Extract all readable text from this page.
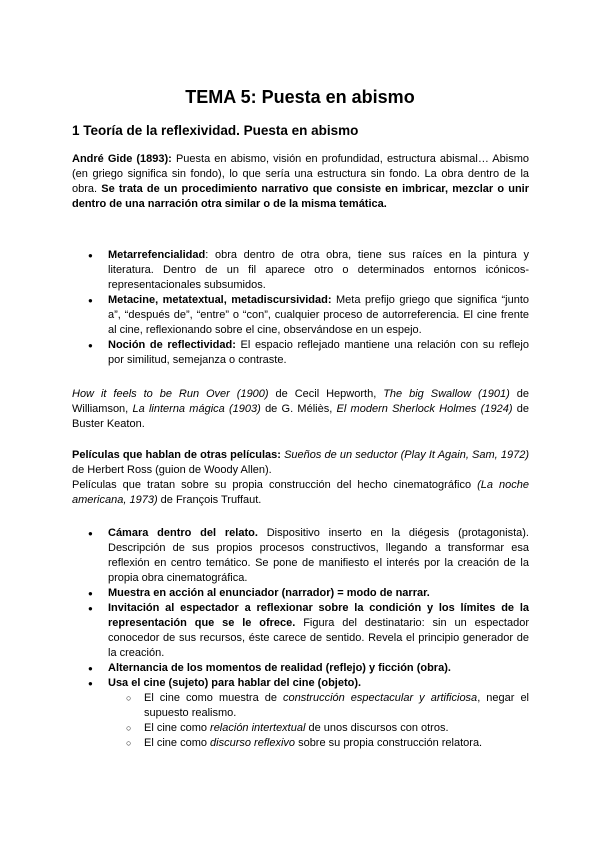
TEMA 5: Puesta en abismo
1 Teoría de la reflexividad. Puesta en abismo

André Gide (1893): Puesta en abismo, visión en profundidad, estructura abismal… Abismo (en griego significa sin fondo), lo que sería una estructura sin fondo. La obra dentro de la obra. Se trata de un procedimiento narrativo que consiste en imbricar, mezclar o unir dentro de una narración otra similar o de la misma temática.

● Metarrefencialidad: obra dentro de otra obra, tiene sus raíces en la pintura y literatura. Dentro de un fil aparece otro o determinados entornos icónicos-representacionales subsumidos.
● Metacine, metatextual, metadiscursividad: Meta prefijo griego que significa “junto a”, “después de”, “entre” o “con”, cualquier proceso de autorreferencia. El cine frente al cine, reflexionando sobre el cine, observándose en un espejo.
● Noción de reflectividad: El espacio reflejado mantiene una relación con su reflejo por similitud, semejanza o contraste.

How it feels to be Run Over (1900) de Cecil Hepworth, The big Swallow (1901) de Williamson, La linterna mágica (1903) de G. Méliès, El modern Sherlock Holmes (1924) de Buster Keaton.

Películas que hablan de otras películas: Sueños de un seductor (Play It Again, Sam, 1972) de Herbert Ross (guion de Woody Allen).
Películas que tratan sobre su propia construcción del hecho cinematográfico (La noche americana, 1973) de François Truffaut.

● Cámara dentro del relato. Dispositivo inserto en la diégesis (protagonista). Descripción de sus propios procesos constructivos, llegando a transformar esa reflexión en centro temático. Se pone de manifiesto el interés por la creación de la propia obra cinematográfica.
● Muestra en acción al enunciador (narrador) = modo de narrar.
● Invitación al espectador a reflexionar sobre la condición y los límites de la representación que se le ofrece. Figura del destinatario: sin un espectador conocedor de sus recursos, éste carece de sentido. Revela el principio generador de la creación.
● Alternancia de los momentos de realidad (reflejo) y ficción (obra).
● Usa el cine (sujeto) para hablar del cine (objeto).
○ El cine como muestra de construcción espectacular y artificiosa, negar el supuesto realismo.
○ El cine como relación intertextual de unos discursos con otros.
○ El cine como discurso reflexivo sobre su propia construcción relatora.
